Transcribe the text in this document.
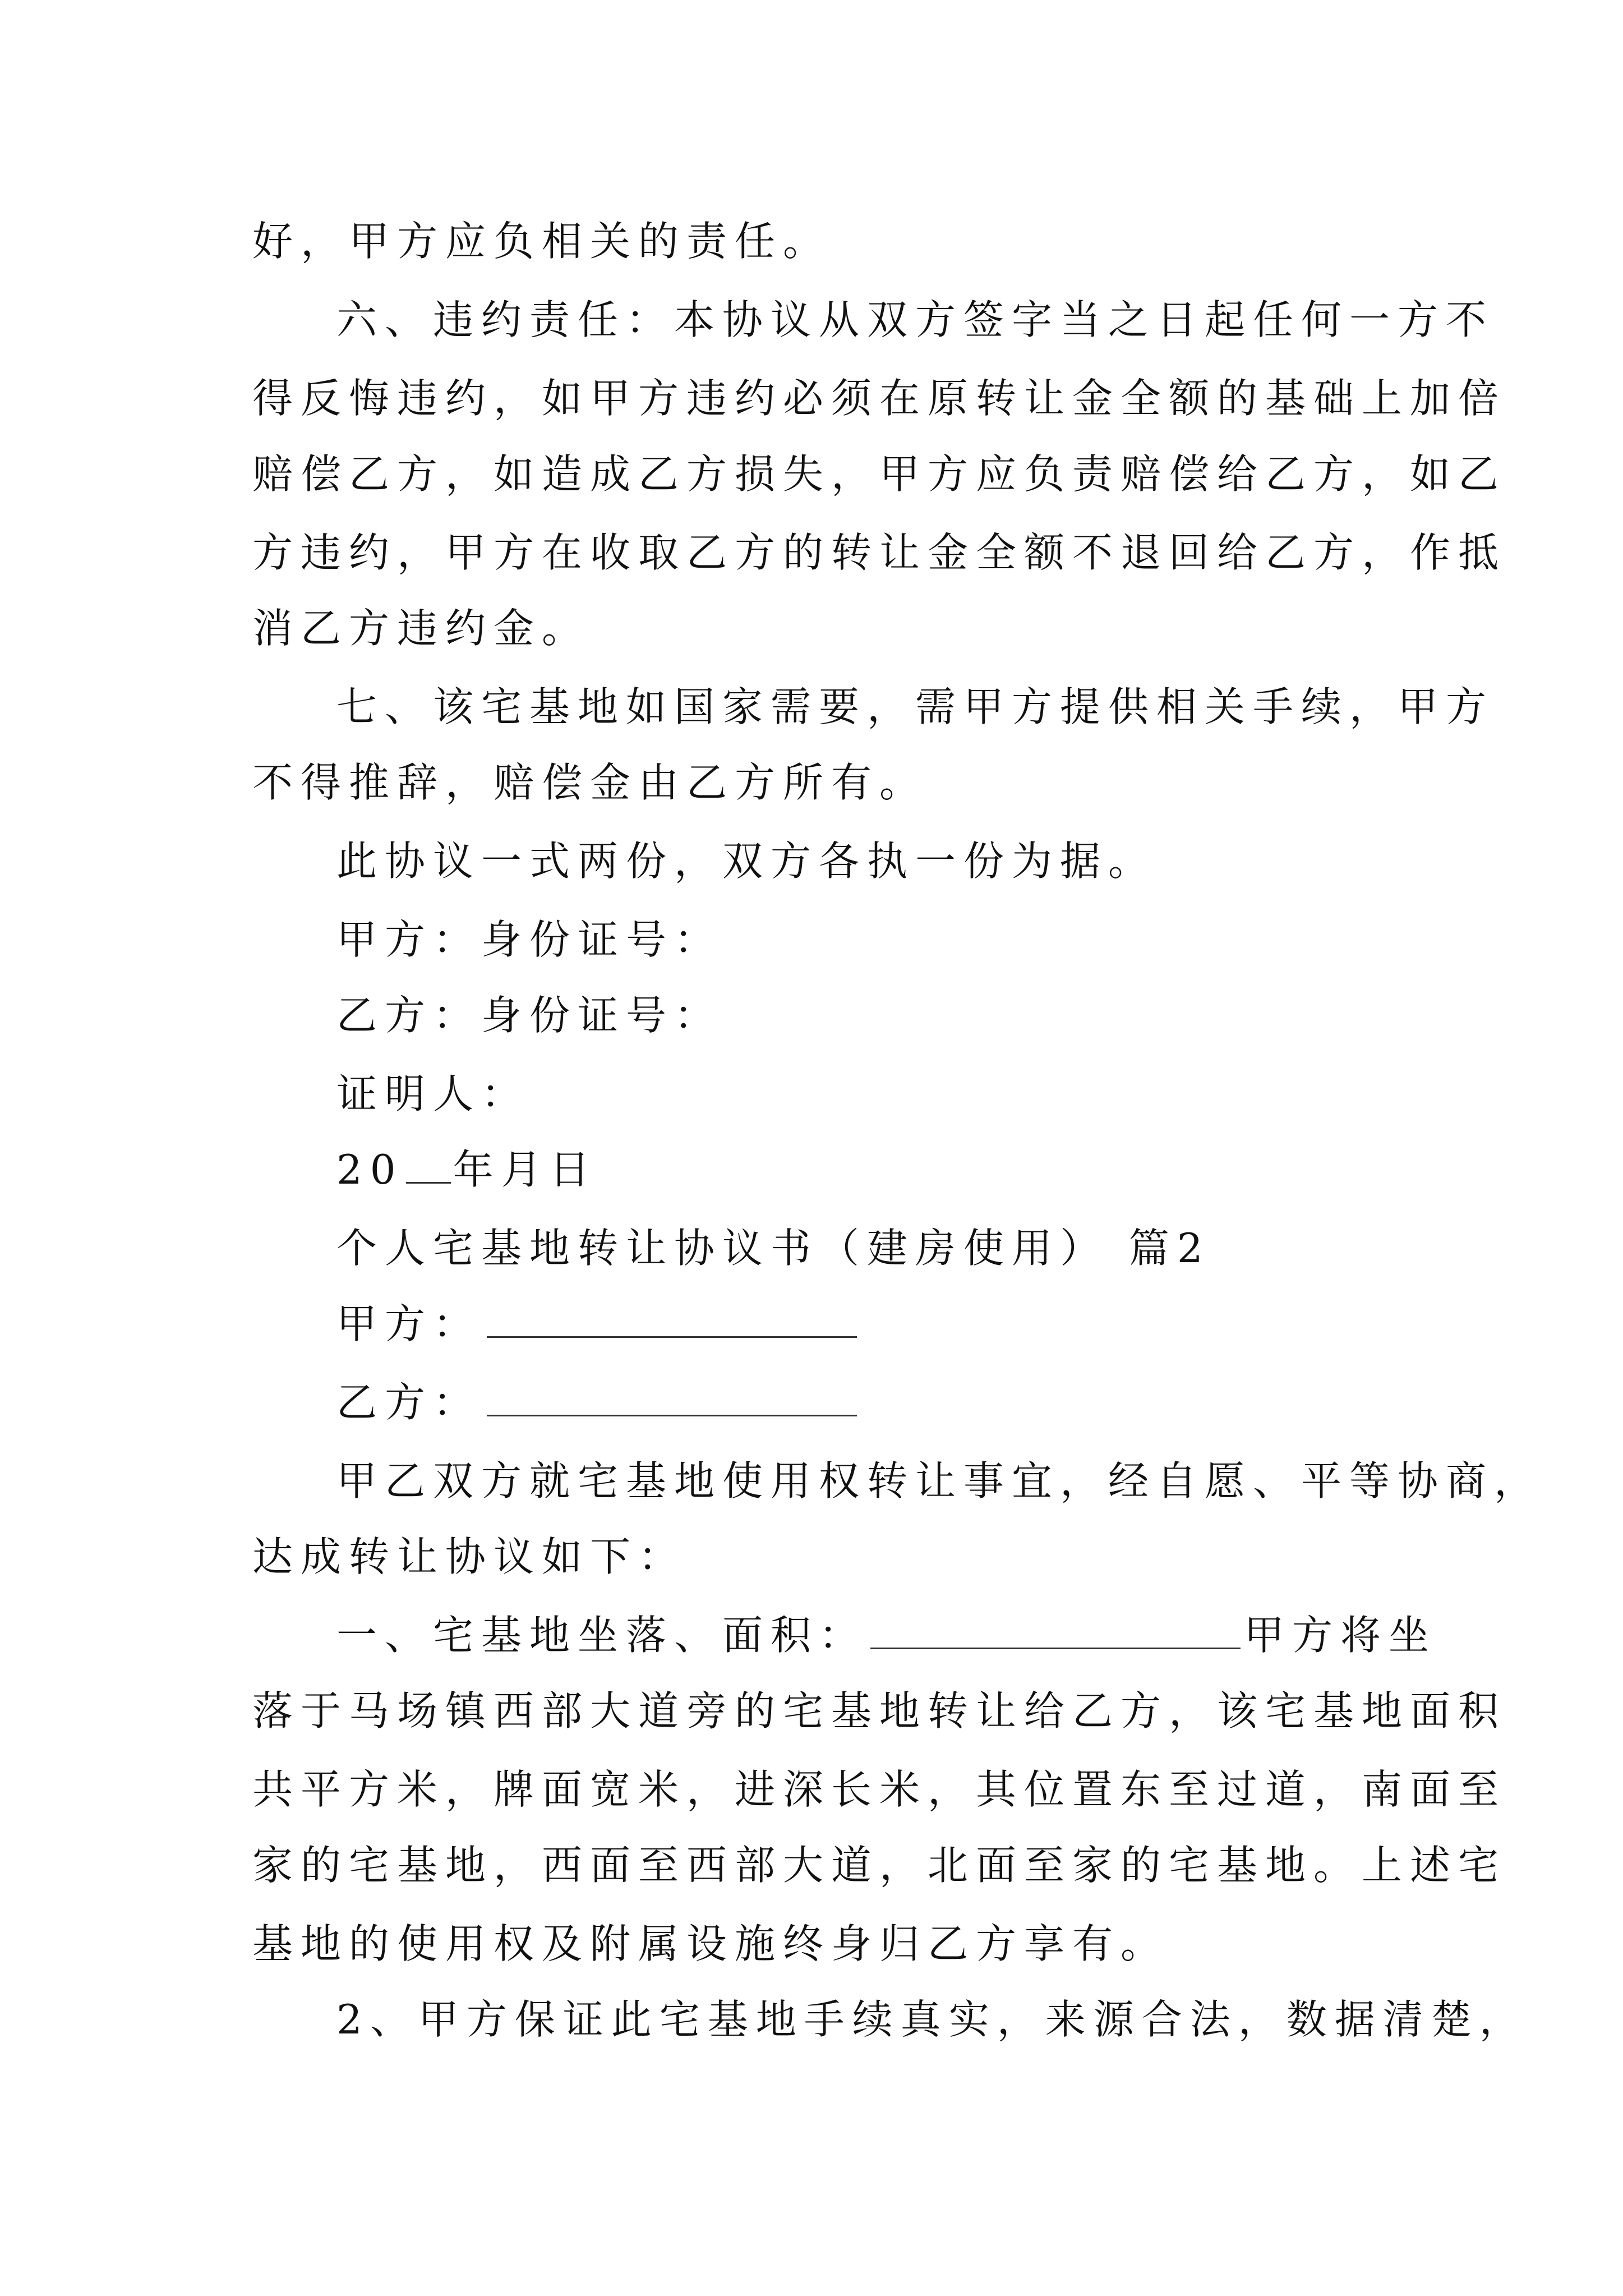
好，甲方应负相关的责任。
六、违约责任：本协议从双方签字当之日起任何一方不
得反悔违约，如甲方违约必须在原转让金全额的基础上加倍
赔偿乙方，如造成乙方损失，甲方应负责赔偿给乙方，如乙
方违约，甲方在收取乙方的转让金全额不退回给乙方，作抵
消乙方违约金。
七、该宅基地如国家需要，需甲方提供相关手续，甲方
不得推辞，赔偿金由乙方所有。
此协议一式两份，双方各执一份为据。
甲方：身份证号：
乙方：身份证号：
证明人：
20 年月日
个人宅基地转让协议书（建房使用） 篇2
甲方：
乙方：
甲乙双方就宅基地使用权转让事宜，经自愿、平等协商，
达成转让协议如下：
一、宅基地坐落、面积：	甲方将坐
落于马场镇西部大道旁的宅基地转让给乙方，该宅基地面积
共平方米，牌面宽米，进深长米，其位置东至过道，南面至
家的宅基地，西面至西部大道，北面至家的宅基地。上述宅
基地的使用权及附属设施终身归乙方享有。
2、甲方保证此宅基地手续真实，来源合法，数据清楚，
